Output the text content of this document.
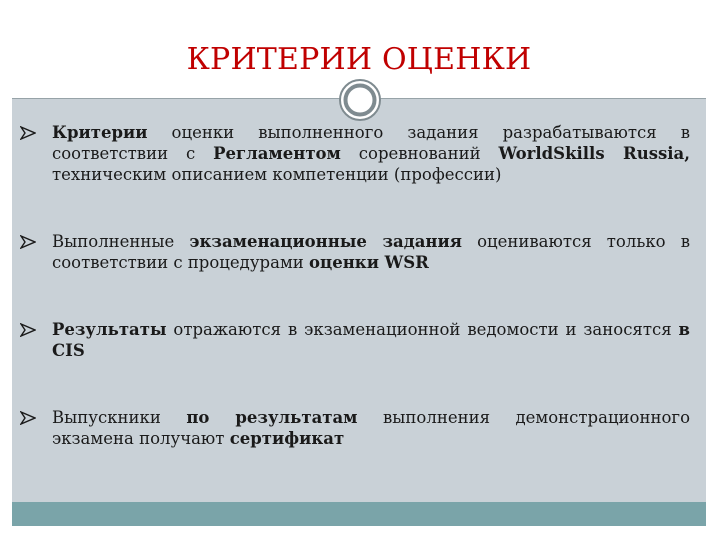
КРИТЕРИИ ОЦЕНКИ
Критерии оценки выполненного задания разрабатываются в соответствии с Регламентом соревнований WorldSkills Russia, техническим описанием компетенции (профессии)
Выполненные экзаменационные задания оцениваются только в соответствии с процедурами оценки WSR
Результаты отражаются в экзаменационной ведомости и заносятся в CIS
Выпускники по результатам выполнения демонстрационного экзамена получают сертификат
